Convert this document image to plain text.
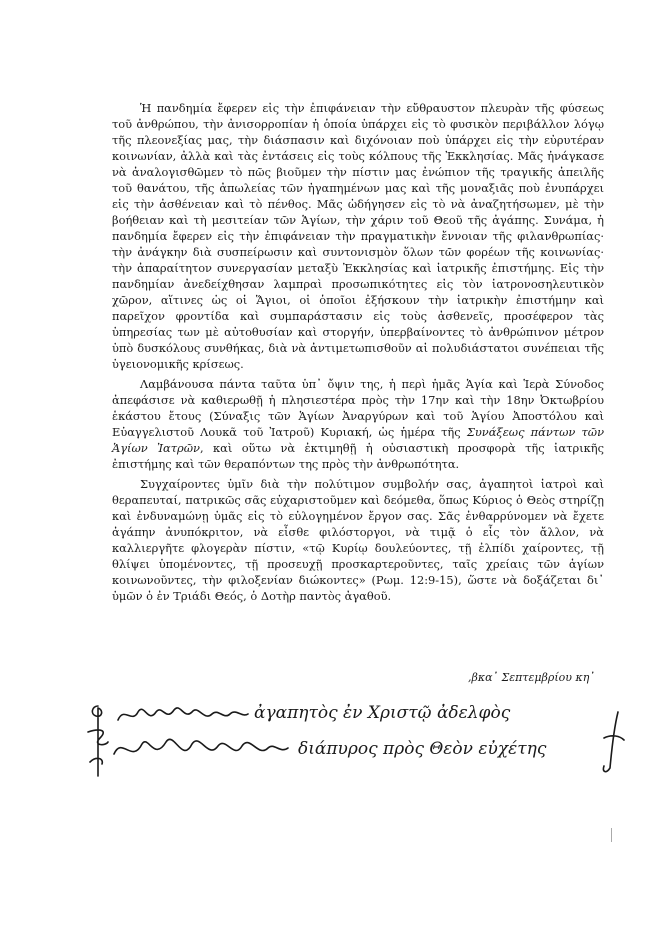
Ἡ πανδημία ἔφερεν εἰς τὴν ἐπιφάνειαν τὴν εὔθραυστον πλευρὰν τῆς φύσεως τοῦ ἀνθρώπου, τὴν ἀνισορροπίαν ἡ ὁποία ὑπάρχει εἰς τὸ φυσικὸν περιβάλλον λόγῳ τῆς πλεονεξίας μας, τὴν διάσπασιν καὶ διχόνοιαν ποὺ ὑπάρχει εἰς τὴν εὐρυτέραν κοινωνίαν, ἀλλὰ καὶ τὰς ἐντάσεις εἰς τοὺς κόλπους τῆς Ἐκκλησίας. Μᾶς ἠνάγκασε νὰ ἀναλογισθῶμεν τὸ πῶς βιοῦμεν τὴν πίστιν μας ἐνώπιον τῆς τραγικῆς ἀπειλῆς τοῦ θανάτου, τῆς ἀπωλείας τῶν ἠγαπημένων μας καὶ τῆς μοναξιᾶς ποὺ ἐνυπάρχει εἰς τὴν ἀσθένειαν καὶ τὸ πένθος. Μᾶς ὡδήγησεν εἰς τὸ νὰ ἀναζητήσωμεν, μὲ τὴν βοήθειαν καὶ τὴ μεσιτείαν τῶν Ἁγίων, τὴν χάριν τοῦ Θεοῦ τῆς ἀγάπης. Συνάμα, ἡ πανδημία ἔφερεν εἰς τὴν ἐπιφάνειαν τὴν πραγματικὴν ἔννοιαν τῆς φιλανθρωπίας· τὴν ἀνάγκην διὰ συσπείρωσιν καὶ συντονισμὸν ὅλων τῶν φορέων τῆς κοινωνίας· τὴν ἀπαραίτητον συνεργασίαν μεταξὺ Ἐκκλησίας καὶ ἰατρικῆς ἐπιστήμης. Εἰς τὴν πανδημίαν ἀνεδείχθησαν λαμπραὶ προσωπικότητες εἰς τὸν ἰατρονοσηλευτικὸν χῶρον, αἵτινες ὡς οἱ Ἅγιοι, οἱ ὁποῖοι ἐξήσκουν τὴν ἰατρικὴν ἐπιστήμην καὶ παρεῖχον φροντίδα καὶ συμπαράστασιν εἰς τοὺς ἀσθενεῖς, προσέφερον τὰς ὑπηρεσίας των μὲ αὐτοθυσίαν καὶ στοργήν, ὑπερβαίνοντες τὸ ἀνθρώπινον μέτρον ὑπὸ δυσκόλους συνθήκας, διὰ νὰ ἀντιμετωπισθοῦν αἱ πολυδιάστατοι συνέπειαι τῆς ὑγειονομικῆς κρίσεως.

Λαμβάνουσα πάντα ταῦτα ὑπ᾽ ὄψιν της, ἡ περὶ ἡμᾶς Ἁγία καὶ Ἱερὰ Σύνοδος ἀπεφάσισε νὰ καθιερωθῇ ἡ πλησιεστέρα πρὸς τὴν 17ην καὶ τὴν 18ην Ὀκτωβρίου ἑκάστου ἔτους (Σύναξις τῶν Ἁγίων Ἀναργύρων καὶ τοῦ Ἁγίου Ἀποστόλου καὶ Εὐαγγελιστοῦ Λουκᾶ τοῦ Ἰατροῦ) Κυριακή, ὡς ἡμέρα τῆς Συνάξεως πάντων τῶν Ἁγίων Ἰατρῶν, καὶ οὕτω νὰ ἐκτιμηθῇ ἡ οὐσιαστικὴ προσφορὰ τῆς ἰατρικῆς ἐπιστήμης καὶ τῶν θεραπόντων της πρὸς τὴν ἀνθρωπότητα.

Συγχαίροντες ὑμῖν διὰ τὴν πολύτιμον συμβολήν σας, ἀγαπητοὶ ἰατροὶ καὶ θεραπευταί, πατρικῶς σᾶς εὐχαριστοῦμεν καὶ δεόμεθα, ὅπως Κύριος ὁ Θεὸς στηρίζῃ καὶ ἐνδυναμώνῃ ὑμᾶς εἰς τὸ εὐλογημένον ἔργον σας. Σᾶς ἐνθαρρύνομεν νὰ ἔχετε ἀγάπην ἀνυπόκριτον, νὰ εἶσθε φιλόστοργοι, νὰ τιμᾷ ὁ εἷς τὸν ἄλλον, νὰ καλλιεργῆτε φλογερὰν πίστιν, «τῷ Κυρίῳ δουλεύοντες, τῇ ἐλπίδι χαίροντες, τῇ θλίψει ὑπομένοντες, τῇ προσευχῇ προσκαρτεροῦντες, ταῖς χρείαις τῶν ἁγίων κοινωνοῦντες, τὴν φιλοξενίαν διώκοντες» (Ρωμ. 12:9-15), ὥστε νὰ δοξάζεται δι᾽ ὑμῶν ὁ ἐν Τριάδι Θεός, ὁ Δοτὴρ παντὸς ἀγαθοῦ.

,βκα᾽ Σεπτεμβρίου κη᾽
ἀγαπητὸς ἐν Χριστῷ ἀδελφὸς
διάπυρος πρὸς Θεὸν εὐχέτης
